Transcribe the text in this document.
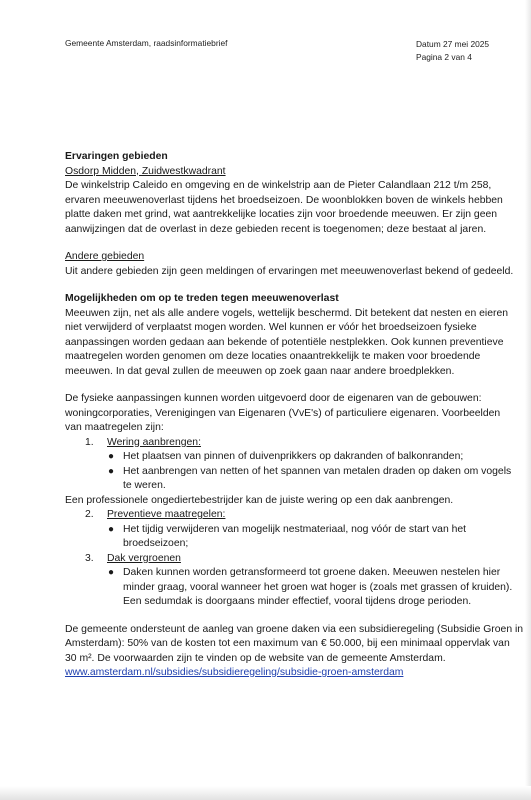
Gemeente Amsterdam, raadsinformatiebrief	Datum 27 mei 2025
Pagina 2 van 4

Ervaringen gebieden

Osdorp Midden, Zuidwestkwadrant

De winkelstrip Caleido en omgeving en de winkelstrip aan de Pieter Calandlaan 212 t/m 258,

ervaren meeuwenoverlast tijdens het broedseizoen. De woonblokken boven de winkels hebben

platte daken met grind, wat aantrekkelijke locaties zijn voor broedende meeuwen. Er zijn geen

aanwijzingen dat de overlast in deze gebieden recent is toegenomen; deze bestaat al jaren.

Andere gebieden

Uit andere gebieden zijn geen meldingen of ervaringen met meeuwenoverlast bekend of gedeeld.

Mogelijkheden om op te treden tegen meeuwenoverlast

Meeuwen zijn, net als alle andere vogels, wettelijk beschermd. Dit betekent dat nesten en eieren

niet verwijderd of verplaatst mogen worden. Wel kunnen er vóór het broedseizoen fysieke

aanpassingen worden gedaan aan bekende of potentiële nestplekken. Ook kunnen preventieve

maatregelen worden genomen om deze locaties onaantrekkelijk te maken voor broedende

meeuwen. In dat geval zullen de meeuwen op zoek gaan naar andere broedplekken.

De fysieke aanpassingen kunnen worden uitgevoerd door de eigenaren van de gebouwen:

woningcorporaties, Verenigingen van Eigenaren (VvE's) of particuliere eigenaren. Voorbeelden

van maatregelen zijn:

1. Wering aanbrengen:
● Het plaatsen van pinnen of duivenprikkers op dakranden of balkonranden;

● Het aanbrengen van netten of het spannen van metalen draden op daken om vogels

te weren.

Een professionele ongediertebestrijder kan de juiste wering op een dak aanbrengen.

2. Preventieve maatregelen:
● Het tijdig verwijderen van mogelijk nestmateriaal, nog vóór de start van het

broedseizoen;

3. Dak vergroenen
● Daken kunnen worden getransformeerd tot groene daken. Meeuwen nestelen hier

minder graag, vooral wanneer het groen wat hoger is (zoals met grassen of kruiden).

Een sedumdak is doorgaans minder effectief, vooral tijdens droge perioden.

De gemeente ondersteunt de aanleg van groene daken via een subsidieregeling (Subsidie Groen in

Amsterdam): 50% van de kosten tot een maximum van € 50.000, bij een minimaal oppervlak van

30 m². De voorwaarden zijn te vinden op de website van de gemeente Amsterdam.

www.amsterdam.nl/subsidies/subsidieregeling/subsidie-groen-amsterdam
